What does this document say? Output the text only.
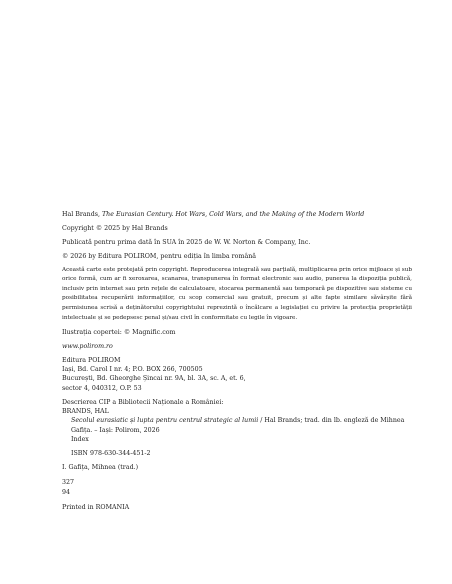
Hal Brands, The Eurasian Century. Hot Wars, Cold Wars, and the Making of the Modern World

Copyright © 2025 by Hal Brands

Publicată pentru prima dată în SUA în 2025 de W. W. Norton & Company, Inc.

© 2026 by Editura POLIROM, pentru ediția în limba română

Această carte este protejată prin copyright. Reproducerea integrală sau parțială, multiplicarea prin orice mijloace și sub orice formă, cum ar fi xeroxarea, scanarea, transpunerea în format electronic sau audio, punerea la dispoziția publică, inclusiv prin internet sau prin rețele de calculatoare, stocarea permanentă sau temporară pe dispozitive sau sisteme cu posibilitatea recuperării informațiilor, cu scop comercial sau gratuit, precum și alte fapte similare săvârșite fără permisiunea scrisă a deținătorului copyrightului reprezintă o încălcare a legislației cu privire la protecția proprietății intelectuale și se pedepsesc penal și/sau civil în conformitate cu legile în vigoare.

Ilustrația copertei: © Magnific.com

www.polirom.ro

Editura POLIROM

Iași, Bd. Carol I nr. 4; P.O. BOX 266, 700505

București, Bd. Gheorghe Șincai nr. 9A, bl. 3A, sc. A, et. 6,

sector 4, 040312, O.P. 53

Descrierea CIP a Bibliotecii Naționale a României:

BRANDS, HAL

Secolul eurasiatic și lupta pentru centrul strategic al lumii / Hal Brands; trad. din lb. engleză de Mihnea Gafița. – Iași: Polirom, 2026

Index

ISBN 978-630-344-451-2

I. Gafița, Mihnea (trad.)

327

94

Printed in ROMANIA
